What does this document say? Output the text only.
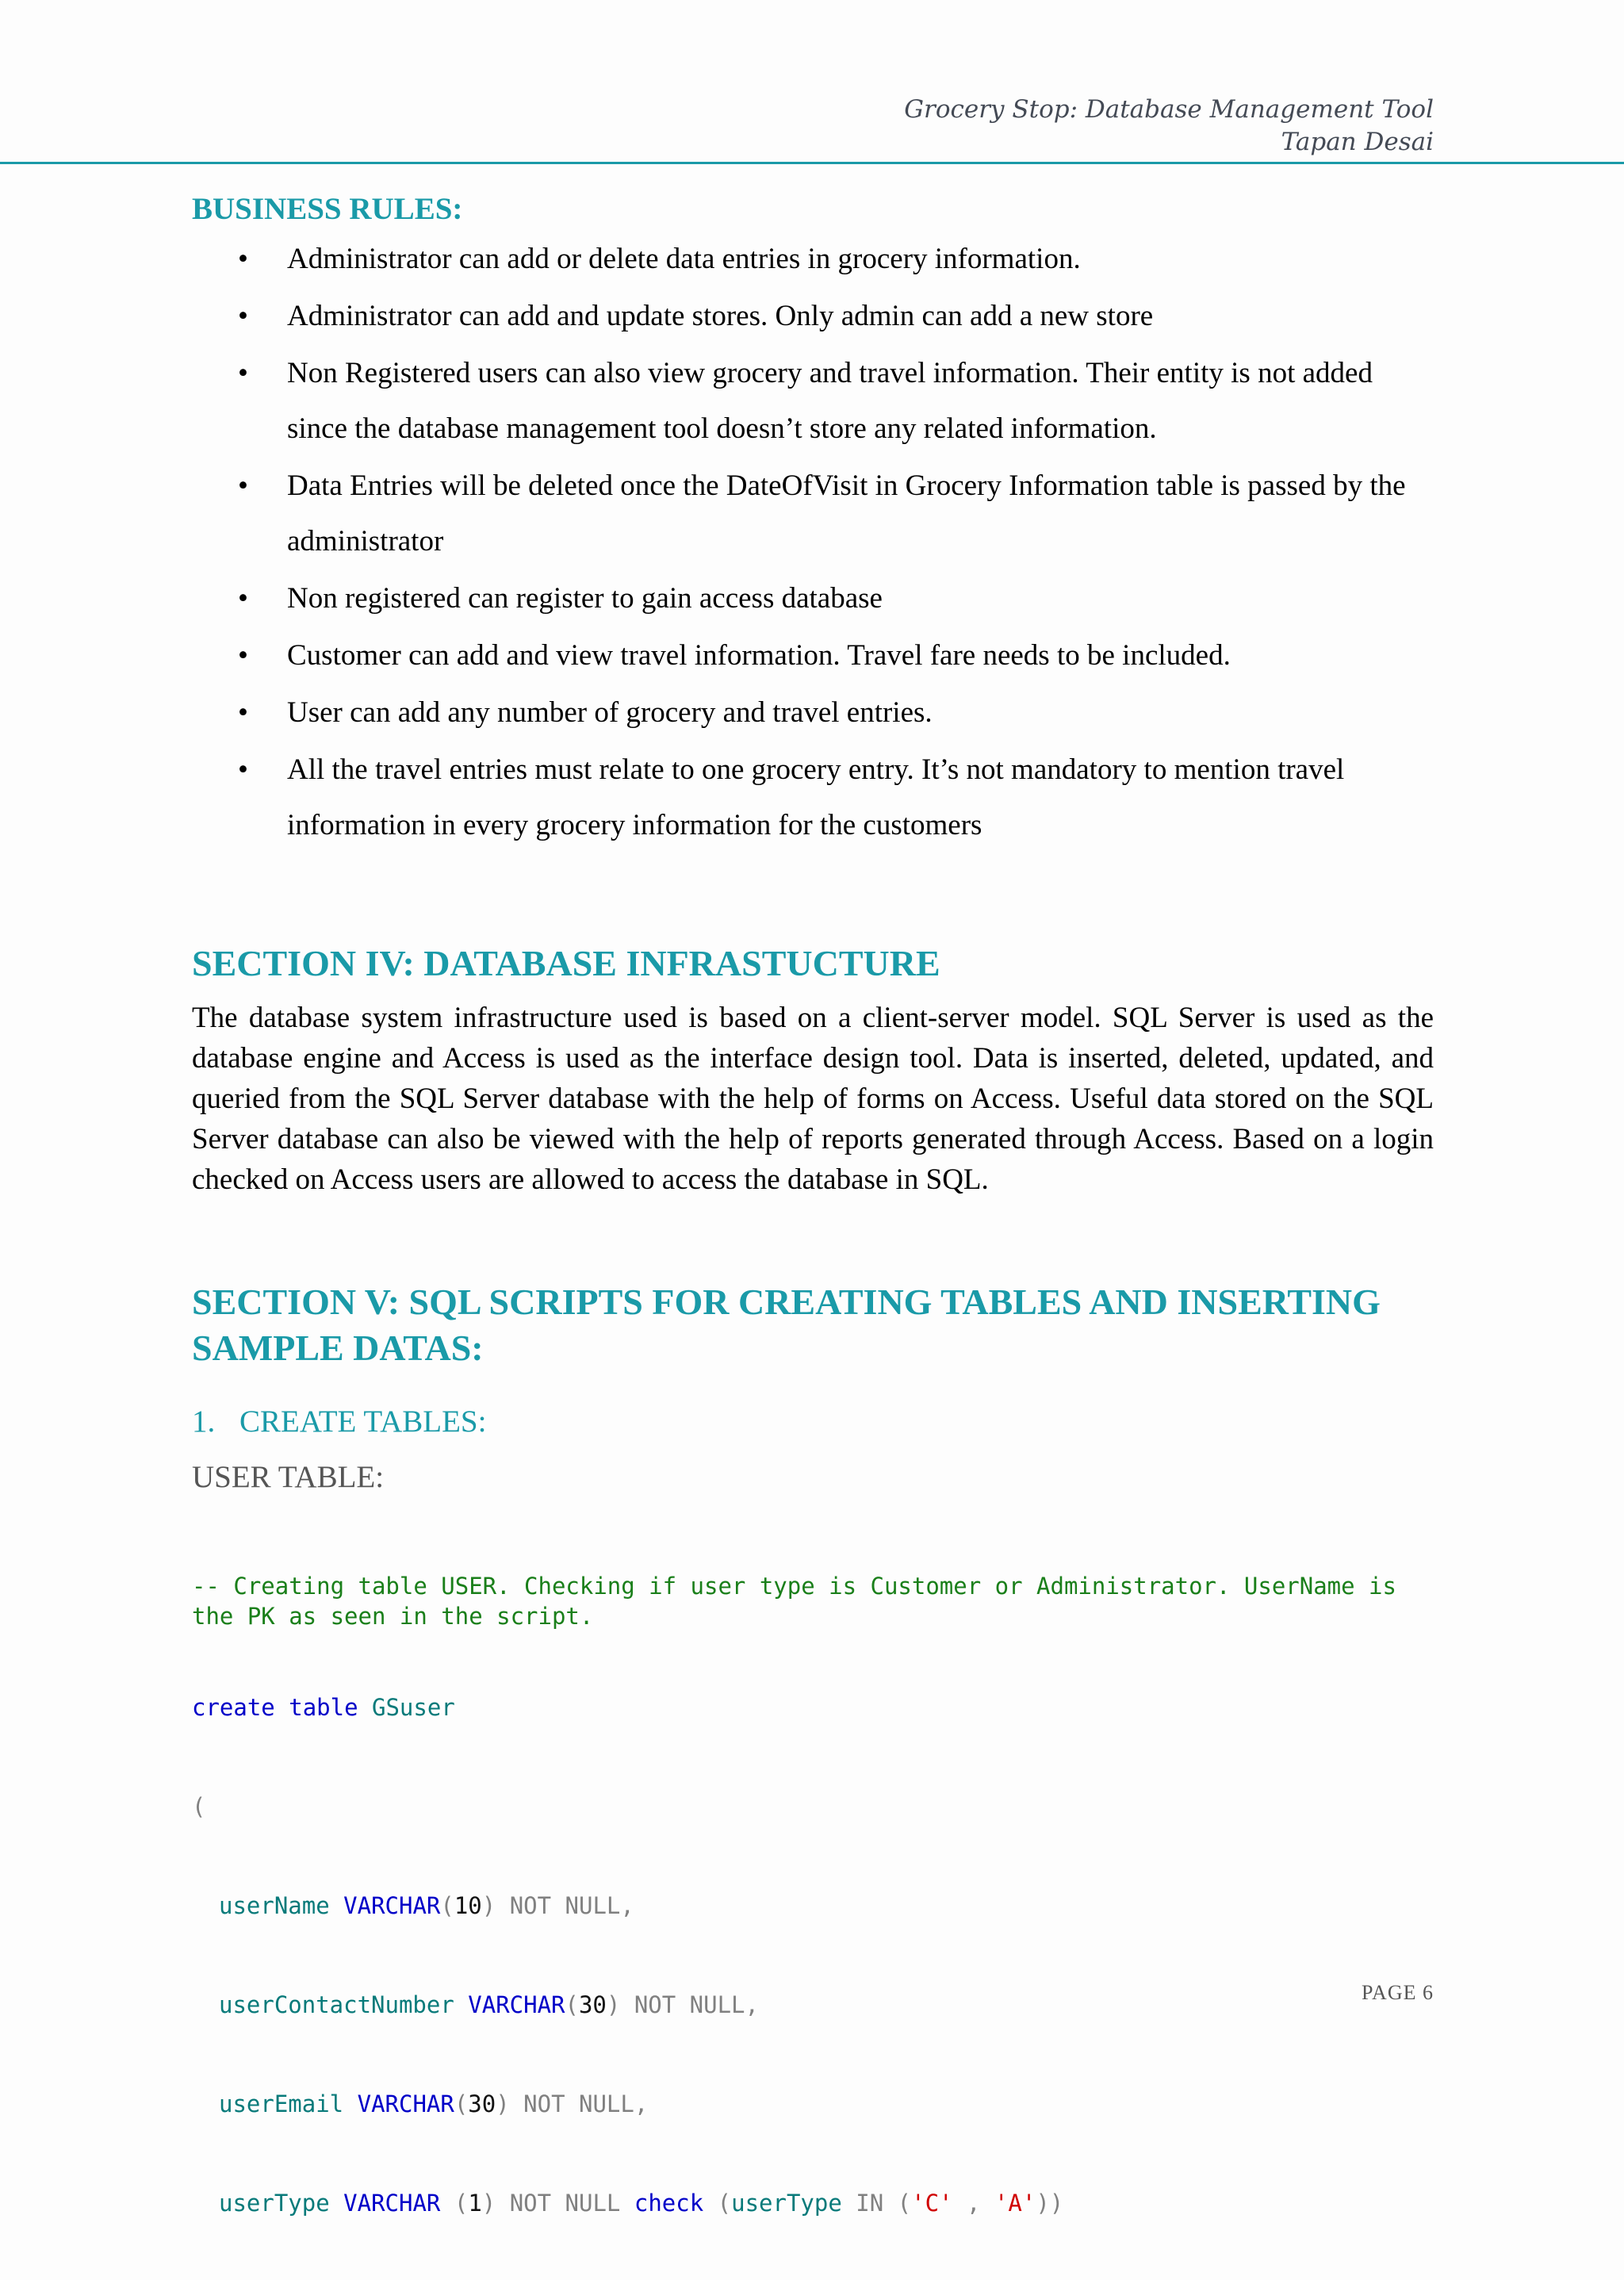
Grocery Stop: Database Management Tool
Tapan Desai
BUSINESS RULES:
• Administrator can add or delete data entries in grocery information.
• Administrator can add and update stores. Only admin can add a new store
• Non Registered users can also view grocery and travel information. Their entity is not added since the database management tool doesn’t store any related information.
• Data Entries will be deleted once the DateOfVisit in Grocery Information table is passed by the administrator
• Non registered can register to gain access database
• Customer can add and view travel information. Travel fare needs to be included.
• User can add any number of grocery and travel entries.
• All the travel entries must relate to one grocery entry. It’s not mandatory to mention travel information in every grocery information for the customers
SECTION IV: DATABASE INFRASTUCTURE

The database system infrastructure used is based on a client-server model. SQL Server is used as the database engine and Access is used as the interface design tool. Data is inserted, deleted, updated, and queried from the SQL Server database with the help of forms on Access. Useful data stored on the SQL Server database can also be viewed with the help of reports generated through Access. Based on a login checked on Access users are allowed to access the database in SQL.

SECTION V: SQL SCRIPTS FOR CREATING TABLES AND INSERTING
SAMPLE DATAS:
1. CREATE TABLES:
USER TABLE:

-- Creating table USER. Checking if user type is Customer or Administrator. UserName is the PK as seen in the script.

create table GSuser

(

userName VARCHAR(10) NOT NULL,

userContactNumber VARCHAR(30) NOT NULL,

userEmail VARCHAR(30) NOT NULL,

userType VARCHAR (1) NOT NULL check (userType IN ('C' , 'A'))

PAGE 6
